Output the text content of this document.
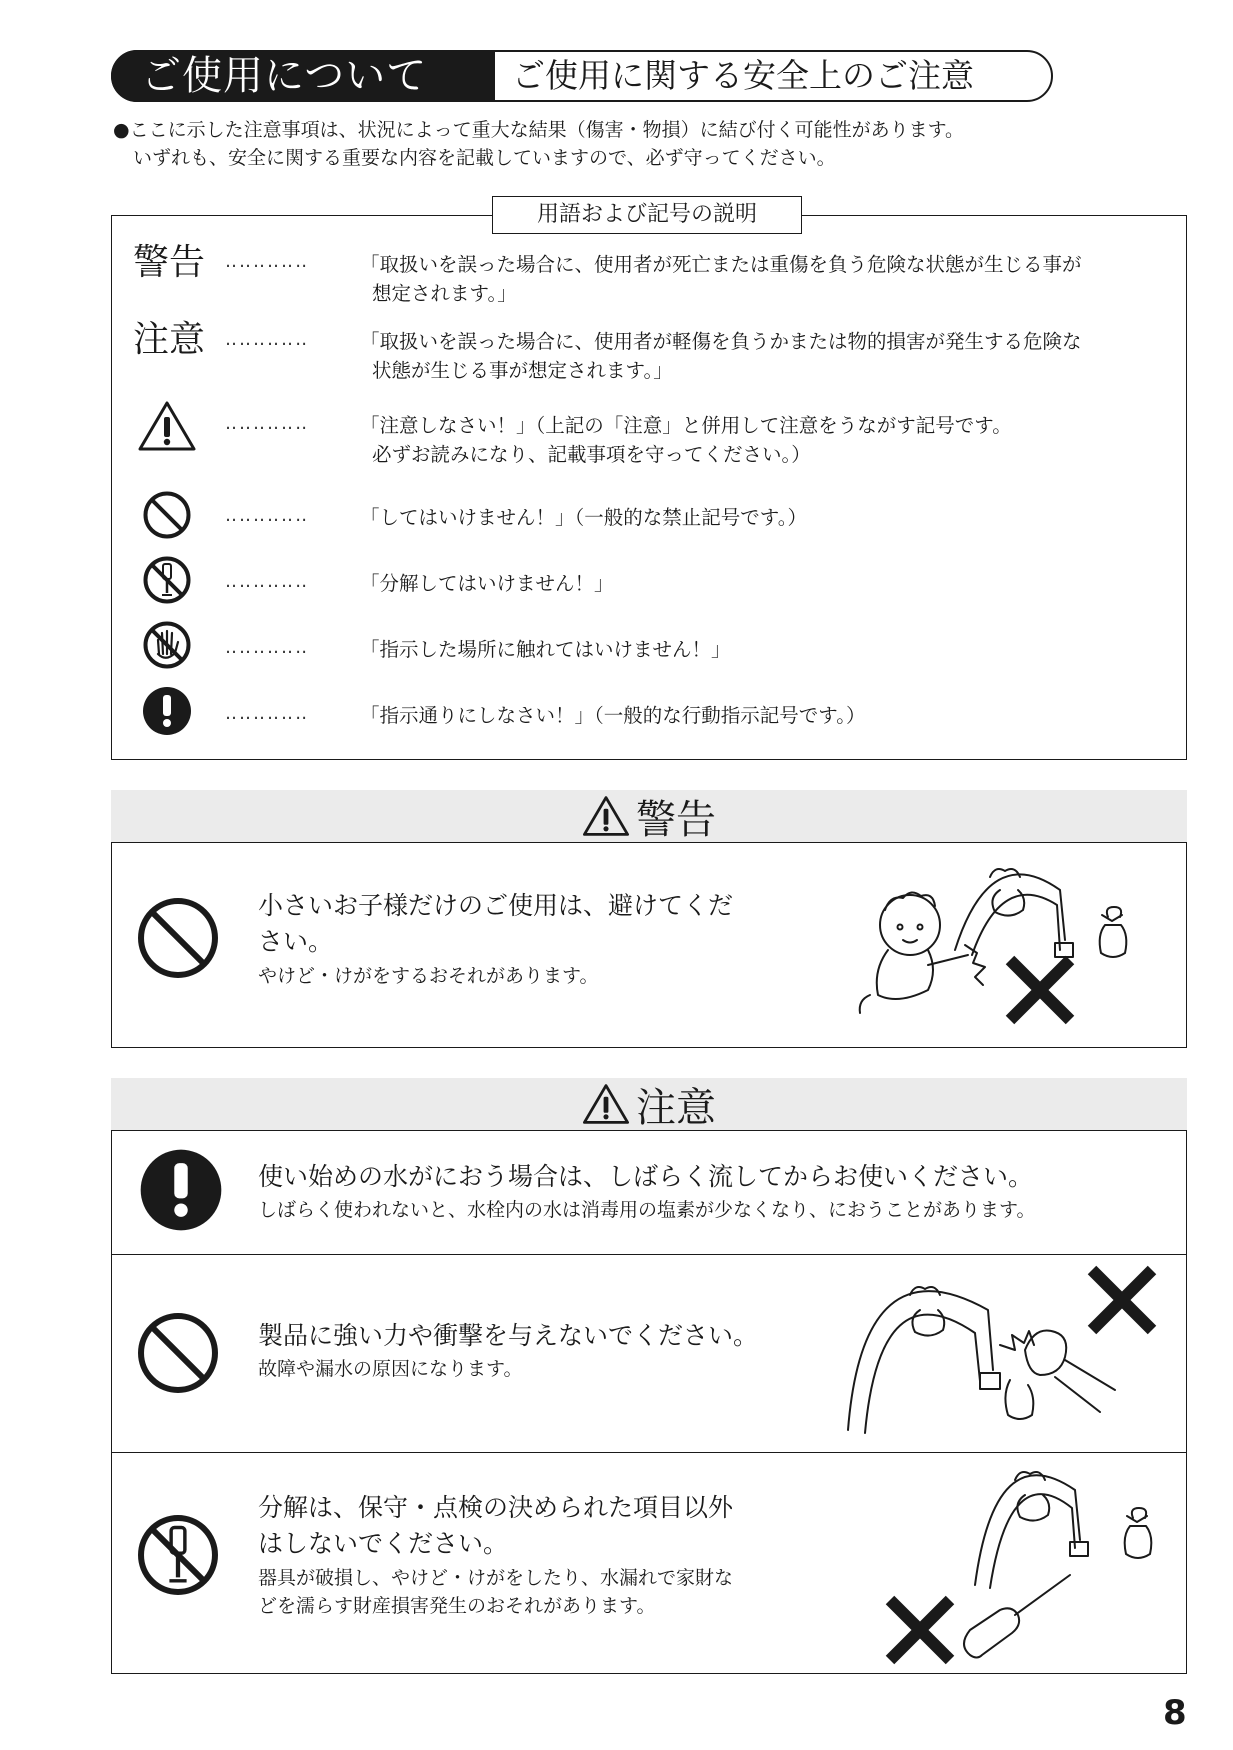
ご使用について	ご使用に関する安全上のご注意
●ここに示した注意事項は、状況によって重大な結果（傷害・物損）に結び付く可能性があります。
いずれも、安全に関する重要な内容を記載していますので、必ず守ってください。
用語および記号の説明
警告 ‥‥‥‥‥‥	「取扱いを誤った場合に、使用者が死亡または重傷を負う危険な状態が生じる事が
想定されます。」
注意 ‥‥‥‥‥‥	「取扱いを誤った場合に、使用者が軽傷を負うかまたは物的損害が発生する危険な
状態が生じる事が想定されます。」
‥‥‥‥‥‥	「注意しなさい！」（上記の「注意」と併用して注意をうながす記号です。
必ずお読みになり、記載事項を守ってください。）
‥‥‥‥‥‥	「してはいけません！」（一般的な禁止記号です。）
‥‥‥‥‥‥	「分解してはいけません！」
‥‥‥‥‥‥	「指示した場所に触れてはいけません！」
‥‥‥‥‥‥	「指示通りにしなさい！」（一般的な行動指示記号です。）
警告
小さいお子様だけのご使用は、避けてくだ
さい。
やけど・けがをするおそれがあります。
注意
使い始めの水がにおう場合は、しばらく流してからお使いください。
しばらく使われないと、水栓内の水は消毒用の塩素が少なくなり、におうことがあります。
製品に強い力や衝撃を与えないでください。
故障や漏水の原因になります。
分解は、保守・点検の決められた項目以外
はしないでください。
器具が破損し、やけど・けがをしたり、水漏れで家財な
どを濡らす財産損害発生のおそれがあります。
8
